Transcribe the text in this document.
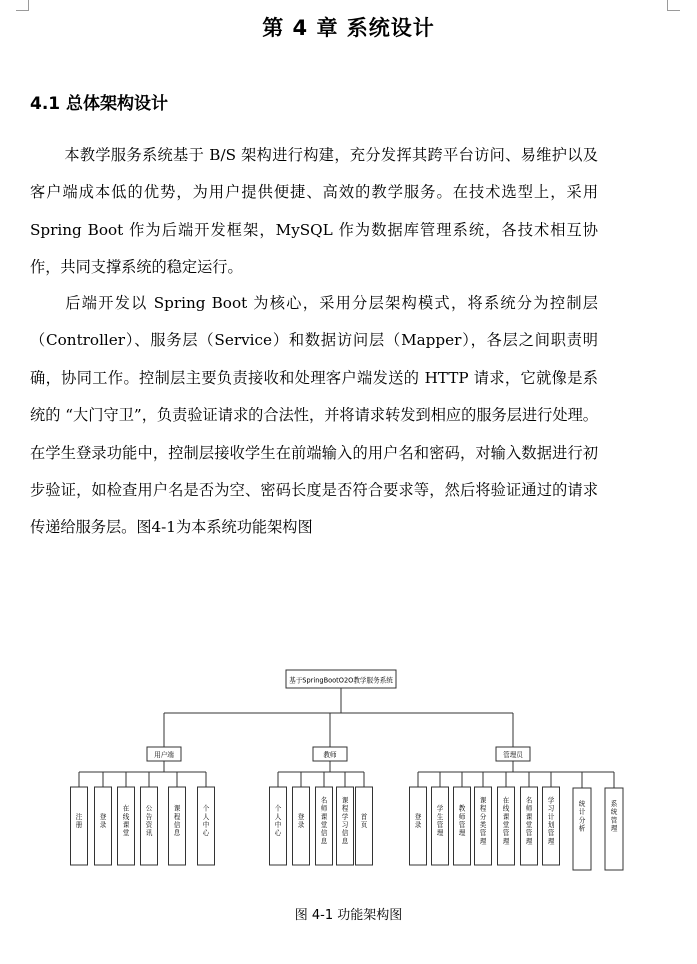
第 4 章 系统设计
4.1 总体架构设计

本教学服务系统基于 B/S 架构进行构建，充分发挥其跨平台访问、易维护以及客户端成本低的优势，为用户提供便捷、高效的教学服务。在技术选型上，采用 Spring Boot 作为后端开发框架，MySQL 作为数据库管理系统，各技术相互协作，共同支撑系统的稳定运行。

后端开发以 Spring Boot 为核心，采用分层架构模式，将系统分为控制层（Controller）、服务层（Service）和数据访问层（Mapper），各层之间职责明确，协同工作。控制层主要负责接收和处理客户端发送的 HTTP 请求，它就像是系统的 “大门守卫”，负责验证请求的合法性，并将请求转发到相应的服务层进行处理。在学生登录功能中，控制层接收学生在前端输入的用户名和密码，对输入数据进行初步验证，如检查用户名是否为空、密码长度是否符合要求等，然后将验证通过的请求传递给服务层。图4-1为本系统功能架构图

基于SpringBootO2O教学服务系统
用户端
注册
登录
在线课堂
公告资讯
课程信息
个人中心
教师
个人中心
登录
名师课堂信息
课程学习信息
首页
管理员
登录
学生管理
教师管理
课程分类管理
在线课堂管理
名师课堂管理
学习计划管理
统计分析
系统管理

图 4-1 功能架构图
